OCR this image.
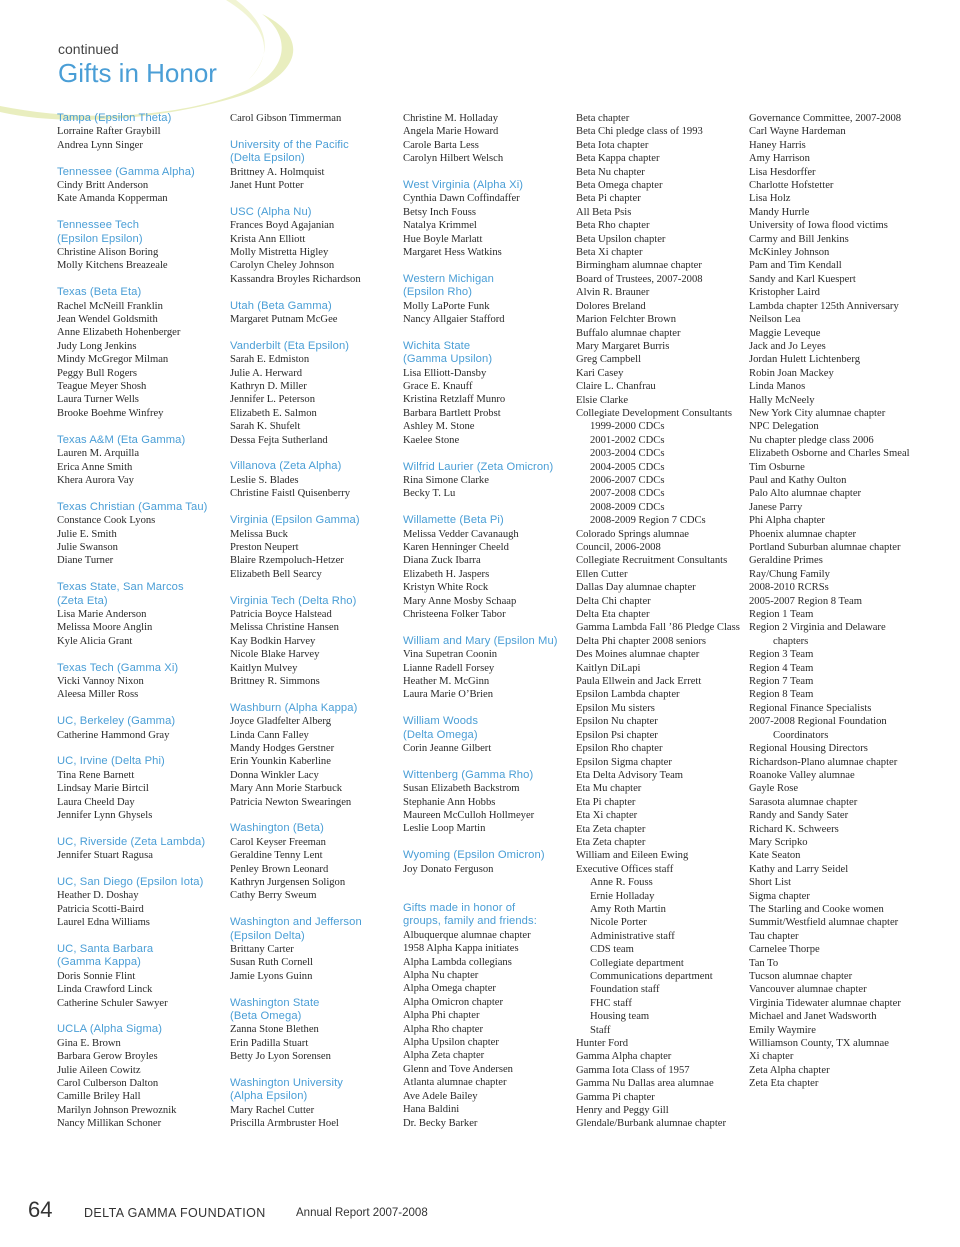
continued
Gifts in Honor
Tampa (Epsilon Theta)
Lorraine Rafter Graybill
Andrea Lynn Singer
Tennessee (Gamma Alpha)
Cindy Britt Anderson
Kate Amanda Kopperman
Tennessee Tech
(Epsilon Epsilon)
Christine Alison Boring
Molly Kitchens Breazeale
Texas (Beta Eta)
Rachel McNeill Franklin
Jean Wendel Goldsmith
Anne Elizabeth Hohenberger
Judy Long Jenkins
Mindy McGregor Milman
Peggy Bull Rogers
Teague Meyer Shosh
Laura Turner Wells
Brooke Boehme Winfrey
Texas A&M (Eta Gamma)
Lauren M. Arquilla
Erica Anne Smith
Khera Aurora Vay
Texas Christian (Gamma Tau)
Constance Cook Lyons
Julie E. Smith
Julie Swanson
Diane Turner
Texas State, San Marcos
(Zeta Eta)
Lisa Marie Anderson
Melissa Moore Anglin
Kyle Alicia Grant
Texas Tech (Gamma Xi)
Vicki Vannoy Nixon
Aleesa Miller Ross
UC, Berkeley (Gamma)
Catherine Hammond Gray
UC, Irvine (Delta Phi)
Tina Rene Barnett
Lindsay Marie Birtcil
Laura Cheeld Day
Jennifer Lynn Ghysels
UC, Riverside (Zeta Lambda)
Jennifer Stuart Ragusa
UC, San Diego (Epsilon Iota)
Heather D. Doshay
Patricia Scotti-Baird
Laurel Edna Williams
UC, Santa Barbara
(Gamma Kappa)
Doris Sonnie Flint
Linda Crawford Linck
Catherine Schuler Sawyer
UCLA (Alpha Sigma)
Gina E. Brown
Barbara Gerow Broyles
Julie Aileen Cowitz
Carol Culberson Dalton
Camille Briley Hall
Marilyn Johnson Prewoznik
Nancy Millikan Schoner
Carol Gibson Timmerman
University of the Pacific
(Delta Epsilon)
Brittney A. Holmquist
Janet Hunt Potter
USC (Alpha Nu)
Frances Boyd Agajanian
Krista Ann Elliott
Molly Mistretta Higley
Carolyn Cheley Johnson
Kassandra Broyles Richardson
Utah (Beta Gamma)
Margaret Putnam McGee
Vanderbilt (Eta Epsilon)
Sarah E. Edmiston
Julie A. Herward
Kathryn D. Miller
Jennifer L. Peterson
Elizabeth E. Salmon
Sarah K. Shufelt
Dessa Fejta Sutherland
Villanova (Zeta Alpha)
Leslie S. Blades
Christine Faistl Quisenberry
Virginia (Epsilon Gamma)
Melissa Buck
Preston Neupert
Blaire Rzempoluch-Hetzer
Elizabeth Bell Searcy
Virginia Tech (Delta Rho)
Patricia Boyce Halstead
Melissa Christine Hansen
Kay Bodkin Harvey
Nicole Blake Harvey
Kaitlyn Mulvey
Brittney R. Simmons
Washburn (Alpha Kappa)
Joyce Gladfelter Alberg
Linda Cann Falley
Mandy Hodges Gerstner
Erin Younkin Kaberline
Donna Winkler Lacy
Mary Ann Morie Starbuck
Patricia Newton Swearingen
Washington (Beta)
Carol Keyser Freeman
Geraldine Tenny Lent
Penley Brown Leonard
Kathryn Jurgensen Soligon
Cathy Berry Sweum
Washington and Jefferson
(Epsilon Delta)
Brittany Carter
Susan Ruth Cornell
Jamie Lyons Guinn
Washington State
(Beta Omega)
Zanna Stone Blethen
Erin Padilla Stuart
Betty Jo Lyon Sorensen
Washington University
(Alpha Epsilon)
Mary Rachel Cutter
Priscilla Armbruster Hoel
Christine M. Holladay
Angela Marie Howard
Carole Barta Less
Carolyn Hilbert Welsch
West Virginia (Alpha Xi)
Cynthia Dawn Coffindaffer
Betsy Inch Fouss
Natalya Krimmel
Hue Boyle Marlatt
Margaret Hess Watkins
Western Michigan
(Epsilon Rho)
Molly LaPorte Funk
Nancy Allgaier Stafford
Wichita State
(Gamma Upsilon)
Lisa Elliott-Dansby
Grace E. Knauff
Kristina Retzlaff Munro
Barbara Bartlett Probst
Ashley M. Stone
Kaelee Stone
Wilfrid Laurier (Zeta Omicron)
Rina Simone Clarke
Becky T. Lu
Willamette (Beta Pi)
Melissa Vedder Cavanaugh
Karen Henninger Cheeld
Diana Zuck Ibarra
Elizabeth H. Jaspers
Kristyn White Rock
Mary Anne Mosby Schaap
Christeena Folker Tabor
William and Mary (Epsilon Mu)
Vina Supetran Coonin
Lianne Radell Forsey
Heather M. McGinn
Laura Marie O’Brien
William Woods
(Delta Omega)
Corin Jeanne Gilbert
Wittenberg (Gamma Rho)
Susan Elizabeth Backstrom
Stephanie Ann Hobbs
Maureen McCulloh Hollmeyer
Leslie Loop Martin
Wyoming (Epsilon Omicron)
Joy Donato Ferguson
Gifts made in honor of
groups, family and friends:
Albuquerque alumnae chapter
1958 Alpha Kappa initiates
Alpha Lambda collegians
Alpha Nu chapter
Alpha Omega chapter
Alpha Omicron chapter
Alpha Phi chapter
Alpha Rho chapter
Alpha Upsilon chapter
Alpha Zeta chapter
Glenn and Tove Andersen
Atlanta alumnae chapter
Ave Adele Bailey
Hana Baldini
Dr. Becky Barker
Beta chapter
Beta Chi pledge class of 1993
Beta Iota chapter
Beta Kappa chapter
Beta Nu chapter
Beta Omega chapter
Beta Pi chapter
All Beta Psis
Beta Rho chapter
Beta Upsilon chapter
Beta Xi chapter
Birmingham alumnae chapter
Board of Trustees, 2007-2008
Alvin R. Brauner
Dolores Breland
Marion Felchter Brown
Buffalo alumnae chapter
Mary Margaret Burris
Greg Campbell
Kari Casey
Claire L. Chanfrau
Elsie Clarke
Collegiate Development Consultants
1999-2000 CDCs
2001-2002 CDCs
2003-2004 CDCs
2004-2005 CDCs
2006-2007 CDCs
2007-2008 CDCs
2008-2009 CDCs
2008-2009 Region 7 CDCs
Colorado Springs alumnae
Council, 2006-2008
Collegiate Recruitment Consultants
Ellen Cutter
Dallas Day alumnae chapter
Delta Chi chapter
Delta Eta chapter
Gamma Lambda Fall ’86 Pledge Class
Delta Phi chapter 2008 seniors
Des Moines alumnae chapter
Kaitlyn DiLapi
Paula Ellwein and Jack Errett
Epsilon Lambda chapter
Epsilon Mu sisters
Epsilon Nu chapter
Epsilon Psi chapter
Epsilon Rho chapter
Epsilon Sigma chapter
Eta Delta Advisory Team
Eta Mu chapter
Eta Pi chapter
Eta Xi chapter
Eta Zeta chapter
Eta Zeta chapter
William and Eileen Ewing
Executive Offices staff
Anne R. Fouss
Ernie Holladay
Amy Roth Martin
Nicole Porter
Administrative staff
CDS team
Collegiate department
Communications department
Foundation staff
FHC staff
Housing team
Staff
Hunter Ford
Gamma Alpha chapter
Gamma Iota Class of 1957
Gamma Nu Dallas area alumnae
Gamma Pi chapter
Henry and Peggy Gill
Glendale/Burbank alumnae chapter
Governance Committee, 2007-2008
Carl Wayne Hardeman
Haney Harris
Amy Harrison
Lisa Hesdorffer
Charlotte Hofstetter
Lisa Holz
Mandy Hurrle
University of Iowa flood victims
Carmy and Bill Jenkins
McKinley Johnson
Pam and Tim Kendall
Sandy and Karl Kuespert
Kristopher Laird
Lambda chapter 125th Anniversary
Neilson Lea
Maggie Leveque
Jack and Jo Leyes
Jordan Hulett Lichtenberg
Robin Joan Mackey
Linda Manos
Hally McNeely
New York City alumnae chapter
NPC Delegation
Nu chapter pledge class 2006
Elizabeth Osborne and Charles Smeal
Tim Osburne
Paul and Kathy Oulton
Palo Alto alumnae chapter
Janese Parry
Phi Alpha chapter
Phoenix alumnae chapter
Portland Suburban alumnae chapter
Geraldine Primes
Ray/Chung Family
2008-2010 RCRSs
2005-2007 Region 8 Team
Region 1 Team
Region 2 Virginia and Delaware
chapters
Region 3 Team
Region 4 Team
Region 7 Team
Region 8 Team
Regional Finance Specialists
2007-2008 Regional Foundation
Coordinators
Regional Housing Directors
Richardson-Plano alumnae chapter
Roanoke Valley alumnae
Gayle Rose
Sarasota alumnae chapter
Randy and Sandy Sater
Richard K. Schweers
Mary Scripko
Kate Seaton
Kathy and Larry Seidel
Short List
Sigma chapter
The Starling and Cooke women
Summit/Westfield alumnae chapter
Tau chapter
Carnelee Thorpe
Tan To
Tucson alumnae chapter
Vancouver alumnae chapter
Virginia Tidewater alumnae chapter
Michael and Janet Wadsworth
Emily Waymire
Williamson County, TX alumnae
Xi chapter
Zeta Alpha chapter
Zeta Eta chapter
64	DELTA GAMMA FOUNDATION	Annual Report 2007-2008
